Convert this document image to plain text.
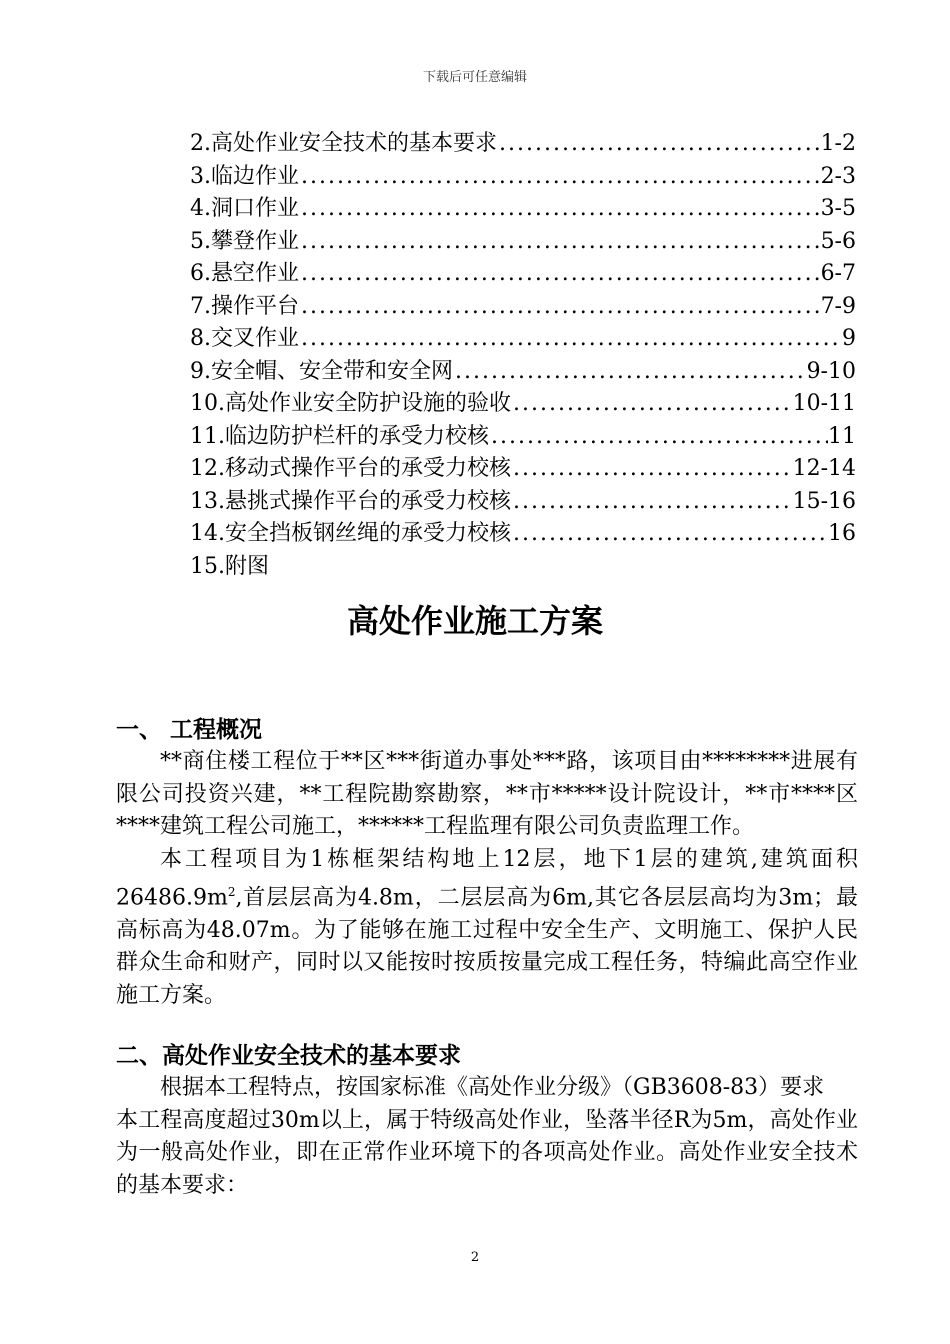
下载后可任意编辑
2.高处作业安全技术的基本要求 .....	1-2
3.临边作业 .....	2-3
4.洞口作业 .....	3-5
5.攀登作业 .....	5-6
6.悬空作业 .....	6-7
7.操作平台 .....	7-9
8.交叉作业 .....	9
9.安全帽、安全带和安全网 .....	9-10
10.高处作业安全防护设施的验收 .....	10-11
11.临边防护栏杆的承受力校核 .....	11
12.移动式操作平台的承受力校核 .....	12-14
13.悬挑式操作平台的承受力校核 .....	15-16
14.安全挡板钢丝绳的承受力校核 .....	16
15.附图
高处作业施工方案
一、 工程概况

**商住楼工程位于**区***街道办事处***路，该项目由********进展有限公司投资兴建，**工程院勘察勘察，**市*****设计院设计，**市****区****建筑工程公司施工，******工程监理有限公司负责监理工作。

本工程项目为1栋框架结构地上12层，地下1层的建筑,建筑面积$26486.9m^2$,首层层高为4.8m，二层层高为6m,其它各层层高均为3m；最高标高为48.07m。为了能够在施工过程中安全生产、文明施工、保护人民群众生命和财产，同时以又能按时按质按量完成工程任务，特编此高空作业施工方案。

二、高处作业安全技术的基本要求

根据本工程特点，按国家标准《高处作业分级》（GB3608-83）要求

本工程高度超过30m以上，属于特级高处作业，坠落半径R为5m，高处作业为一般高处作业，即在正常作业环境下的各项高处作业。高处作业安全技术的基本要求：

2
